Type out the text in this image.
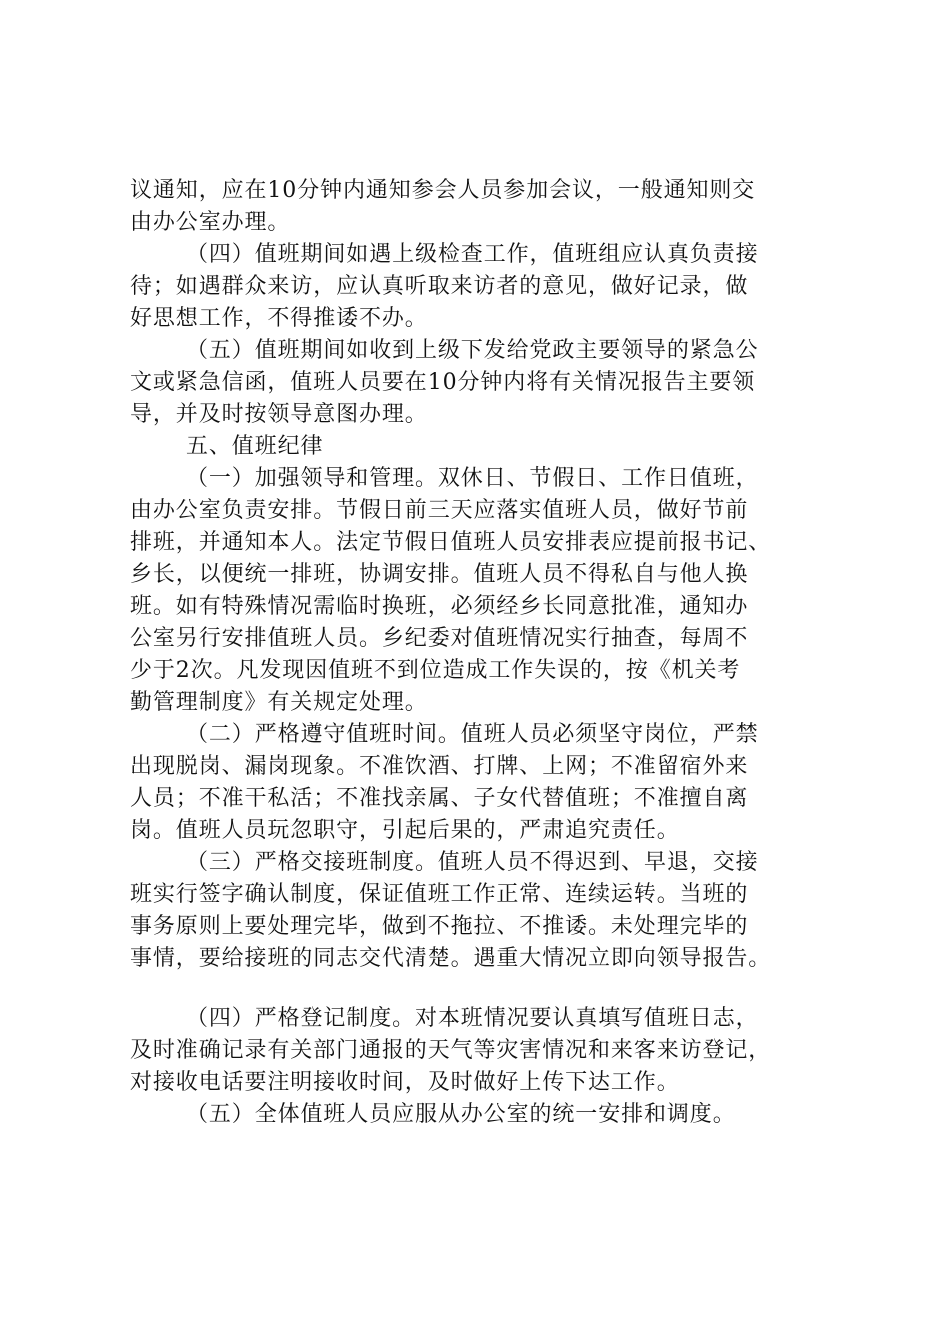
议通知，应在10分钟内通知参会人员参加会议，一般通知则交
由办公室办理。
（四）值班期间如遇上级检查工作，值班组应认真负责接
待；如遇群众来访，应认真听取来访者的意见，做好记录，做
好思想工作，不得推诿不办。
（五）值班期间如收到上级下发给党政主要领导的紧急公
文或紧急信函，值班人员要在10分钟内将有关情况报告主要领
导，并及时按领导意图办理。
五、值班纪律
（一）加强领导和管理。双休日、节假日、工作日值班，
由办公室负责安排。节假日前三天应落实值班人员，做好节前
排班，并通知本人。法定节假日值班人员安排表应提前报书记、
乡长，以便统一排班，协调安排。值班人员不得私自与他人换
班。如有特殊情况需临时换班，必须经乡长同意批准，通知办
公室另行安排值班人员。乡纪委对值班情况实行抽查，每周不
少于2次。凡发现因值班不到位造成工作失误的，按《机关考
勤管理制度》有关规定处理。
（二）严格遵守值班时间。值班人员必须坚守岗位，严禁
出现脱岗、漏岗现象。不准饮酒、打牌、上网；不准留宿外来
人员；不准干私活；不准找亲属、子女代替值班；不准擅自离
岗。值班人员玩忽职守，引起后果的，严肃追究责任。
（三）严格交接班制度。值班人员不得迟到、早退，交接
班实行签字确认制度，保证值班工作正常、连续运转。当班的
事务原则上要处理完毕，做到不拖拉、不推诿。未处理完毕的
事情，要给接班的同志交代清楚。遇重大情况立即向领导报告。
（四）严格登记制度。对本班情况要认真填写值班日志，
及时准确记录有关部门通报的天气等灾害情况和来客来访登记，
对接收电话要注明接收时间，及时做好上传下达工作。
（五）全体值班人员应服从办公室的统一安排和调度。
